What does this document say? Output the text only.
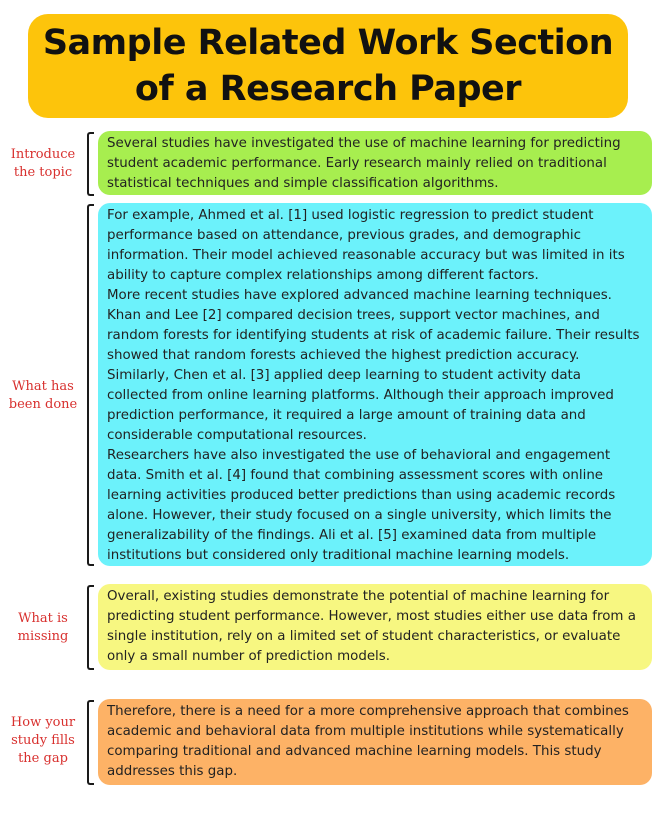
Sample Related Work Section
of a Research Paper
Introduce the topic

Several studies have investigated the use of machine learning for predicting student academic performance. Early research mainly relied on traditional statistical techniques and simple classification algorithms.

What has been done

For example, Ahmed et al. [1] used logistic regression to predict student performance based on attendance, previous grades, and demographic information. Their model achieved reasonable accuracy but was limited in its ability to capture complex relationships among different factors.

More recent studies have explored advanced machine learning techniques. Khan and Lee [2] compared decision trees, support vector machines, and random forests for identifying students at risk of academic failure. Their results showed that random forests achieved the highest prediction accuracy. Similarly, Chen et al. [3] applied deep learning to student activity data collected from online learning platforms. Although their approach improved prediction performance, it required a large amount of training data and considerable computational resources.

Researchers have also investigated the use of behavioral and engagement data. Smith et al. [4] found that combining assessment scores with online learning activities produced better predictions than using academic records alone. However, their study focused on a single university, which limits the generalizability of the findings. Ali et al. [5] examined data from multiple institutions but considered only traditional machine learning models.

What is missing

Overall, existing studies demonstrate the potential of machine learning for predicting student performance. However, most studies either use data from a single institution, rely on a limited set of student characteristics, or evaluate only a small number of prediction models.

How your study fills the gap

Therefore, there is a need for a more comprehensive approach that combines academic and behavioral data from multiple institutions while systematically comparing traditional and advanced machine learning models. This study addresses this gap.
